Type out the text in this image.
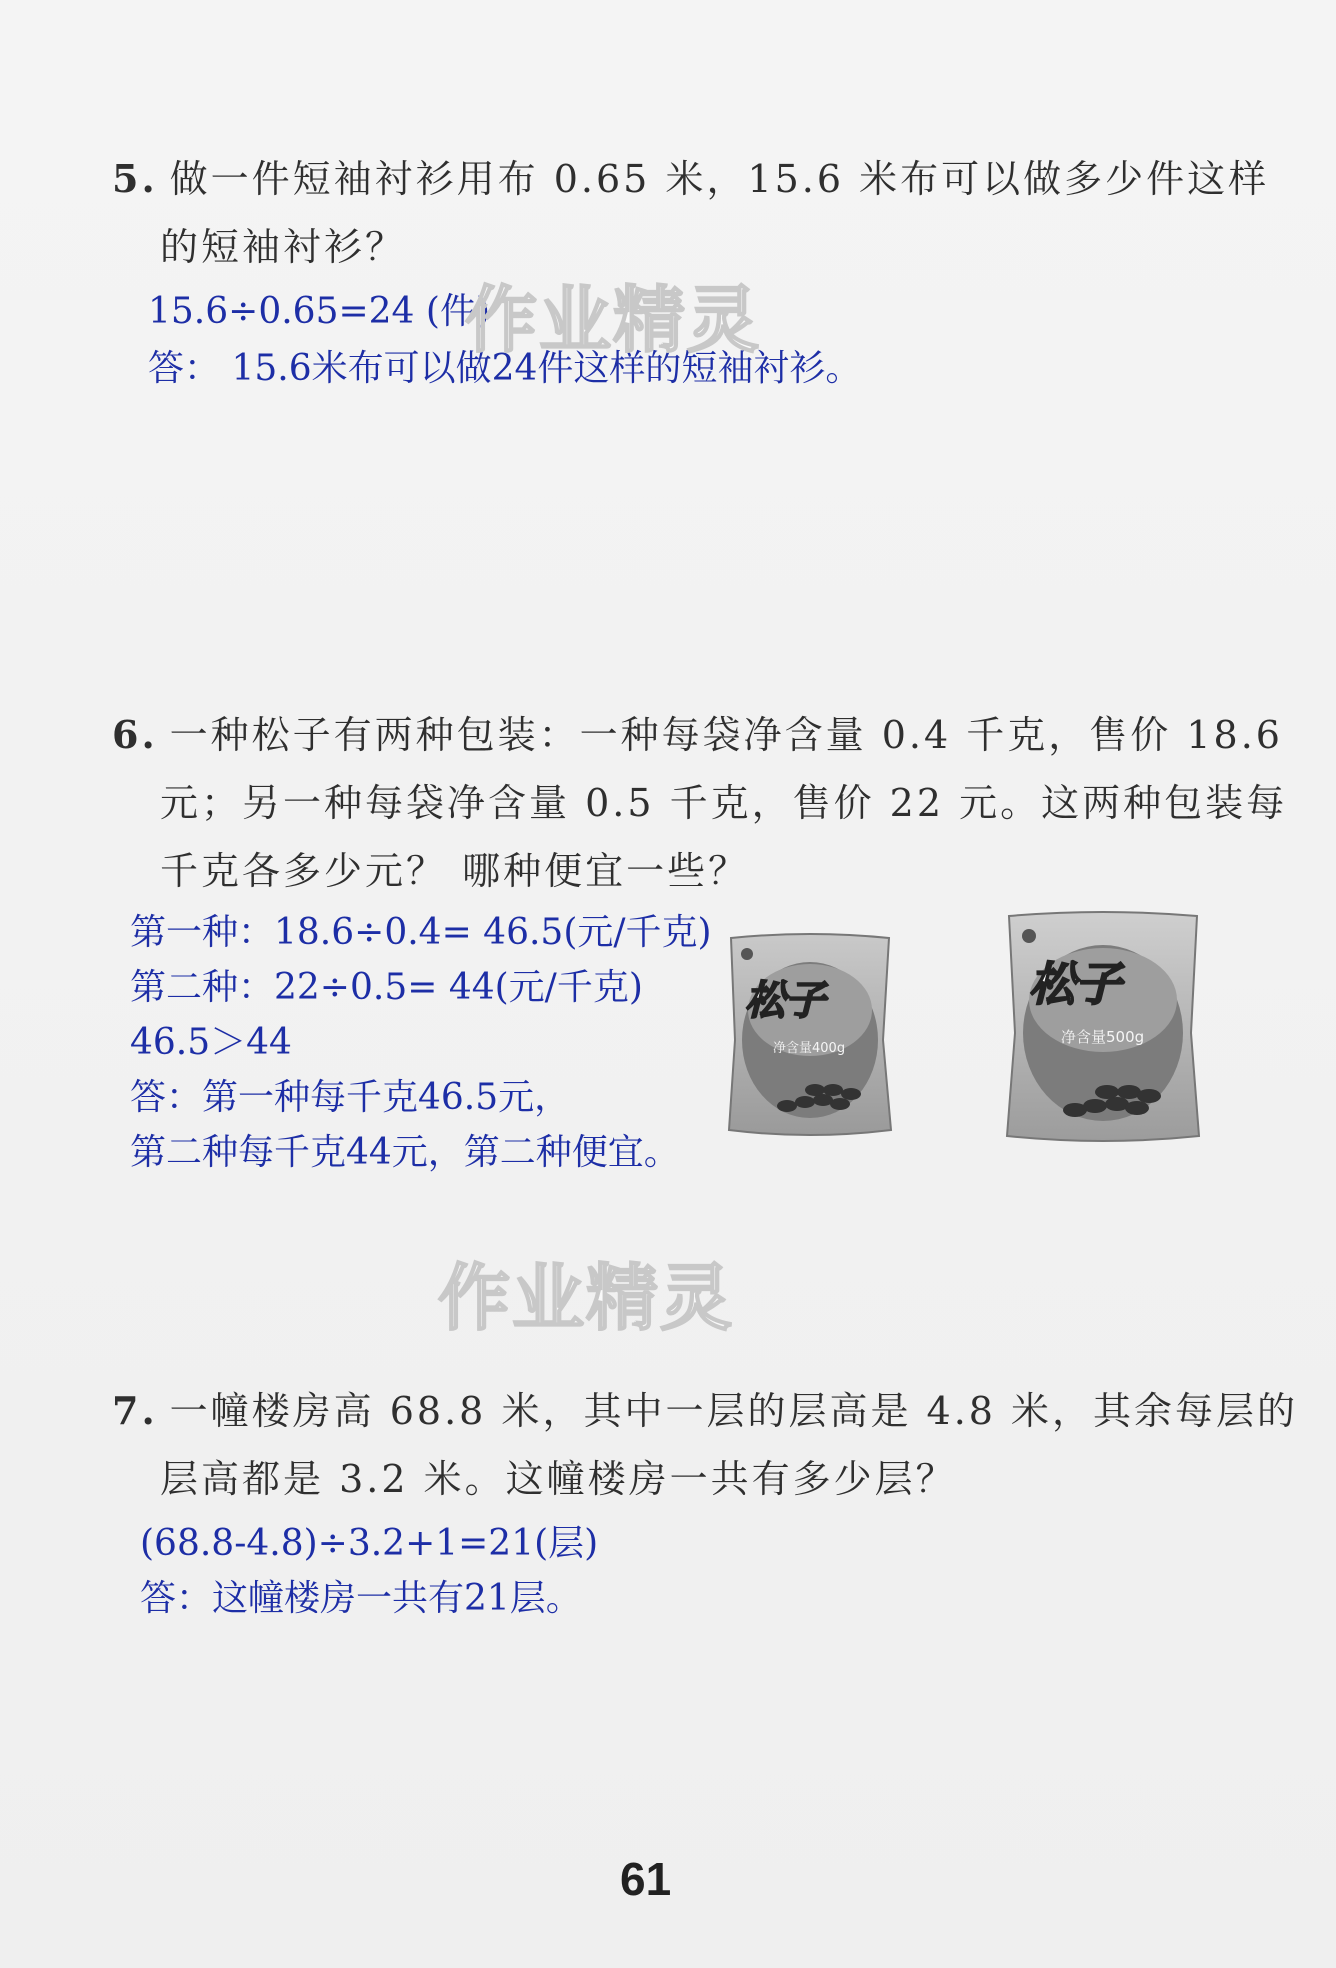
5. 做一件短袖衬衫用布 0.65 米，15.6 米布可以做多少件这样
的短袖衬衫？
15.6÷0.65=24 (件)
答： 15.6米布可以做24件这样的短袖衬衫。
作业精灵
6. 一种松子有两种包装：一种每袋净含量 0.4 千克，售价 18.6
元；另一种每袋净含量 0.5 千克，售价 22 元。这两种包装每
千克各多少元？ 哪种便宜一些？
第一种：18.6÷0.4= 46.5(元/千克)
第二种：22÷0.5= 44(元/千克)
46.5＞44
答：第一种每千克46.5元，
第二种每千克44元，第二种便宜。
松子
净含量400g
松子
净含量500g
作业精灵
7. 一幢楼房高 68.8 米，其中一层的层高是 4.8 米，其余每层的
层高都是 3.2 米。这幢楼房一共有多少层？
(68.8-4.8)÷3.2+1=21(层)
答：这幢楼房一共有21层。
61
